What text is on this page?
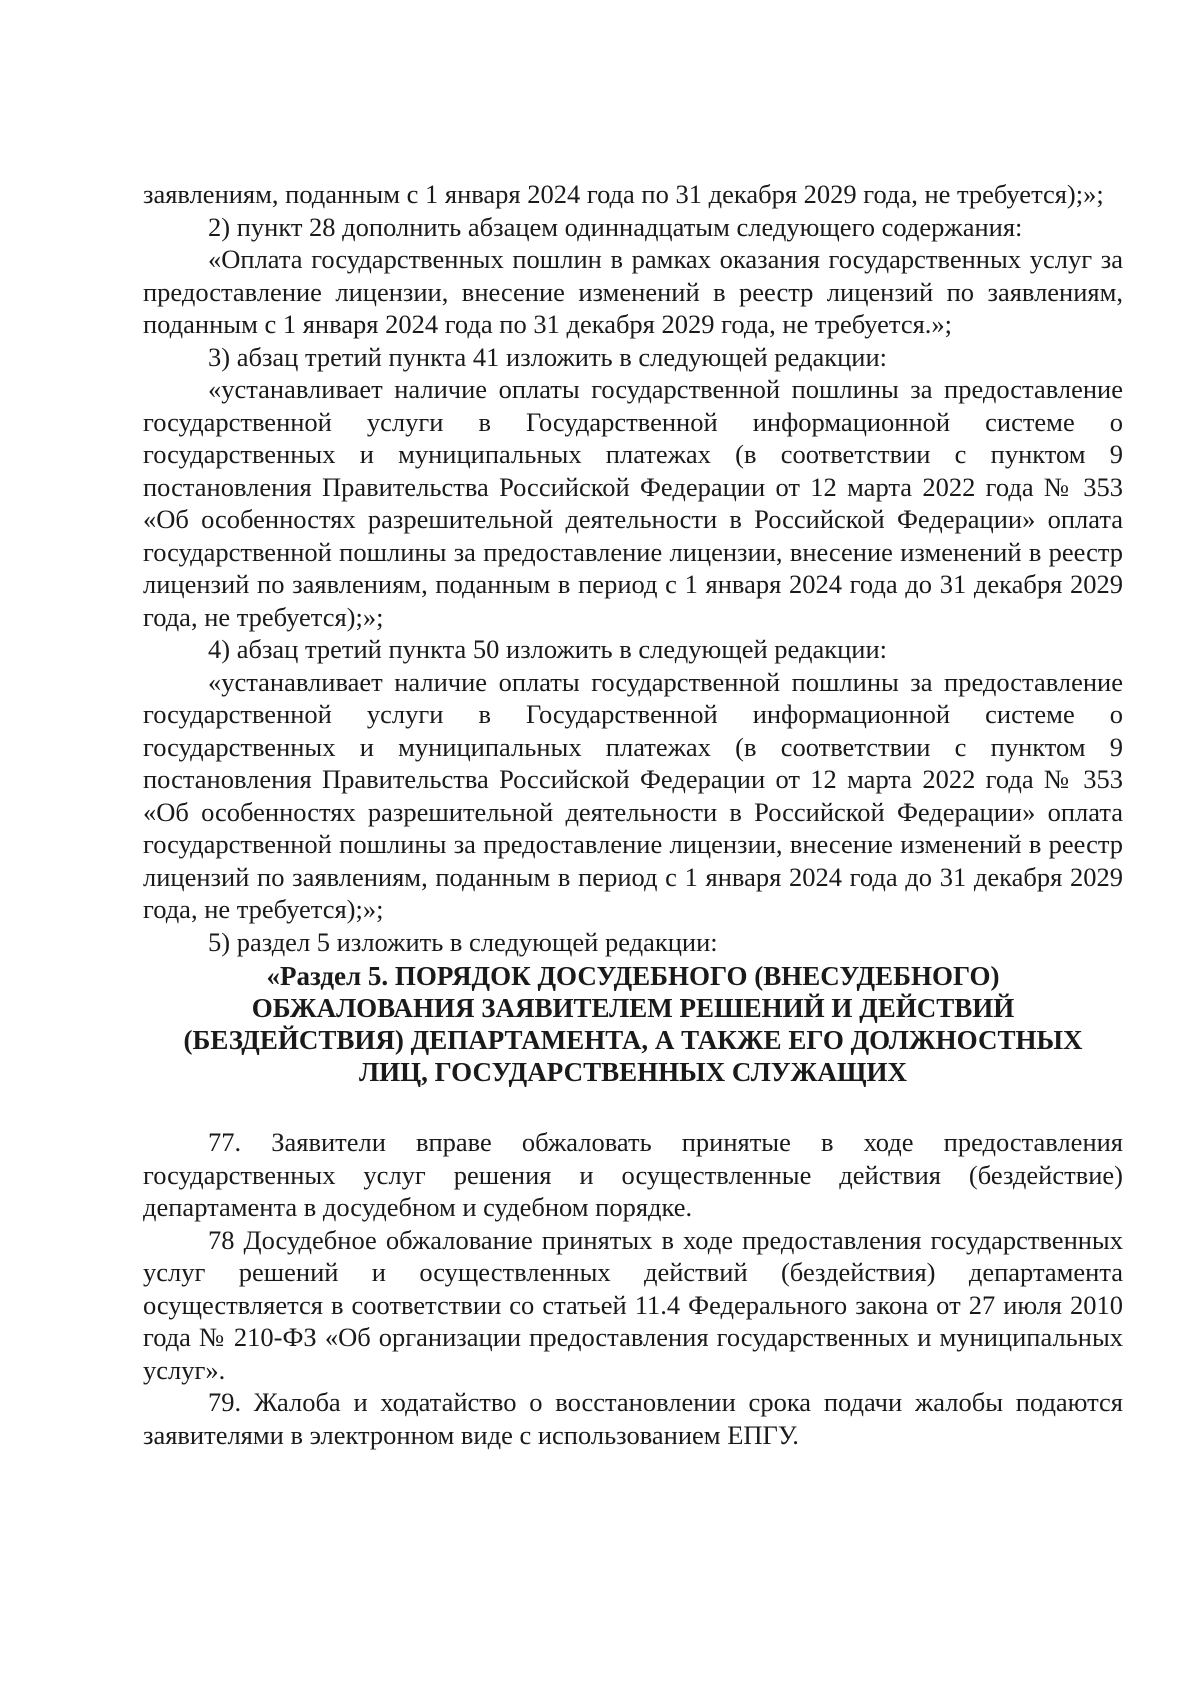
заявлениям, поданным с 1 января 2024 года по 31 декабря 2029 года, не требуется);»;

2) пункт 28 дополнить абзацем одиннадцатым следующего содержания:

«Оплата государственных пошлин в рамках оказания государственных услуг за предоставление лицензии, внесение изменений в реестр лицензий по заявлениям, поданным с 1 января 2024 года по 31 декабря 2029 года, не требуется.»;

3) абзац третий пункта 41 изложить в следующей редакции:

«устанавливает наличие оплаты государственной пошлины за предоставление государственной услуги в Государственной информационной системе о государственных и муниципальных платежах (в соответствии с пунктом 9 постановления Правительства Российской Федерации от 12 марта 2022 года № 353 «Об особенностях разрешительной деятельности в Российской Федерации» оплата государственной пошлины за предоставление лицензии, внесение изменений в реестр лицензий по заявлениям, поданным в период с 1 января 2024 года до 31 декабря 2029 года, не требуется);»;

4) абзац третий пункта 50 изложить в следующей редакции:

«устанавливает наличие оплаты государственной пошлины за предоставление государственной услуги в Государственной информационной системе о государственных и муниципальных платежах (в соответствии с пунктом 9 постановления Правительства Российской Федерации от 12 марта 2022 года № 353 «Об особенностях разрешительной деятельности в Российской Федерации» оплата государственной пошлины за предоставление лицензии, внесение изменений в реестр лицензий по заявлениям, поданным в период с 1 января 2024 года до 31 декабря 2029 года, не требуется);»;

5) раздел 5 изложить в следующей редакции:

«Раздел 5. ПОРЯДОК ДОСУДЕБНОГО (ВНЕСУДЕБНОГО)
ОБЖАЛОВАНИЯ ЗАЯВИТЕЛЕМ РЕШЕНИЙ И ДЕЙСТВИЙ
(БЕЗДЕЙСТВИЯ) ДЕПАРТАМЕНТА, А ТАКЖЕ ЕГО ДОЛЖНОСТНЫХ
ЛИЦ, ГОСУДАРСТВЕННЫХ СЛУЖАЩИХ

77. Заявители вправе обжаловать принятые в ходе предоставления государственных услуг решения и осуществленные действия (бездействие) департамента в досудебном и судебном порядке.

78 Досудебное обжалование принятых в ходе предоставления государственных услуг решений и осуществленных действий (бездействия) департамента осуществляется в соответствии со статьей 11.4 Федерального закона от 27 июля 2010 года № 210-ФЗ «Об организации предоставления государственных и муниципальных услуг».

79. Жалоба и ходатайство о восстановлении срока подачи жалобы подаются заявителями в электронном виде с использованием ЕПГУ.
